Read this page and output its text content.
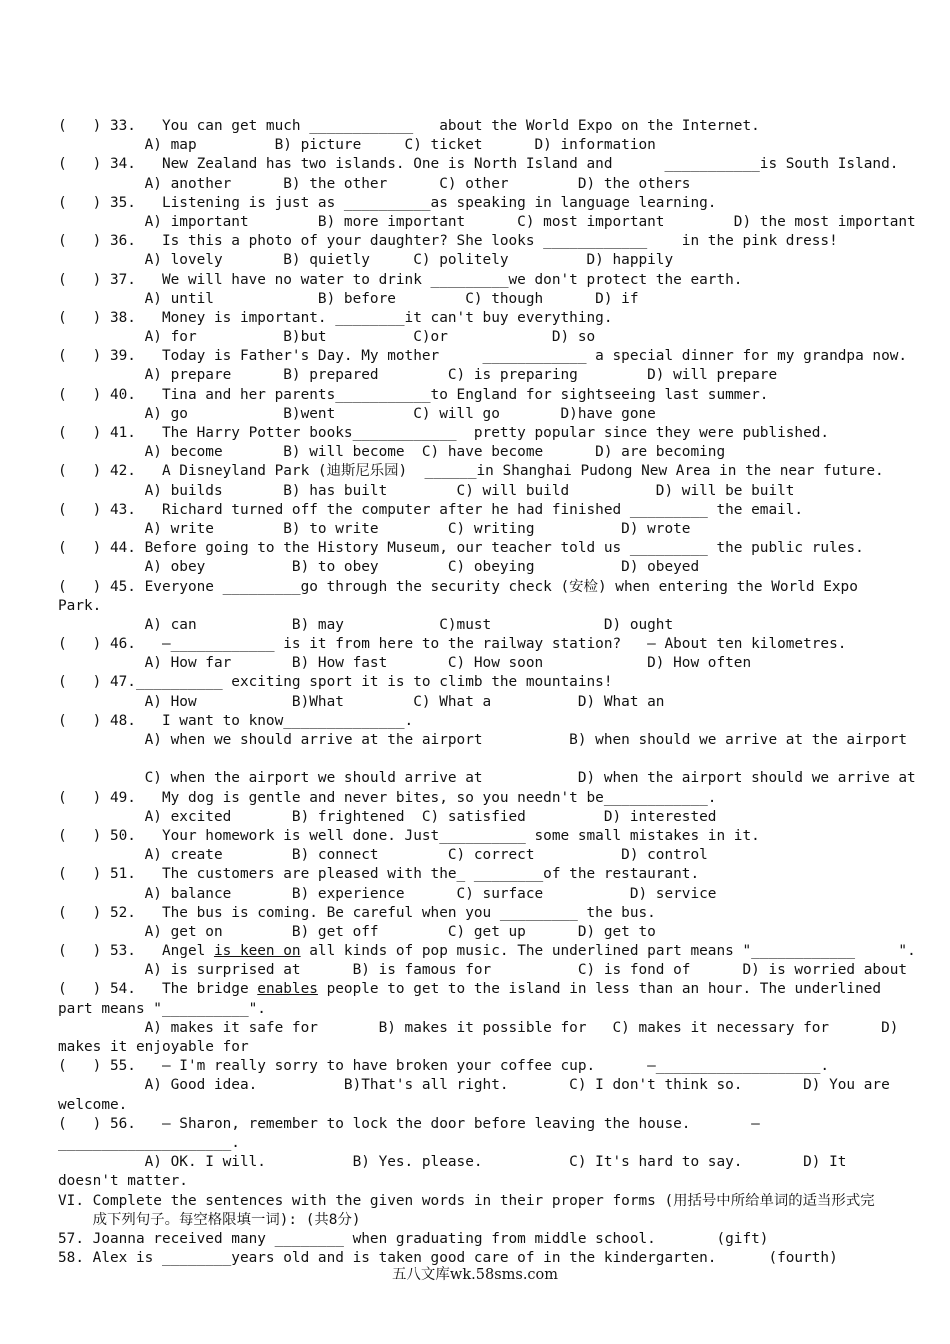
(   ) 33.   You can get much ____________   about the World Expo on the Internet.
A) map         B) picture     C) ticket      D) information
(   ) 34.   New Zealand has two islands. One is North Island and      ___________is South Island.
A) another      B) the other      C) other        D) the others
(   ) 35.   Listening is just as __________as speaking in language learning.
A) important        B) more important      C) most important        D) the most important
(   ) 36.   Is this a photo of your daughter? She looks ____________    in the pink dress!
A) lovely       B) quietly     C) politely         D) happily
(   ) 37.   We will have no water to drink _________we don't protect the earth.
A) until            B) before        C) though      D) if
(   ) 38.   Money is important. ________it can't buy everything.
A) for          B)but          C)or            D) so
(   ) 39.   Today is Father's Day. My mother     ____________ a special dinner for my grandpa now.
A) prepare      B) prepared        C) is preparing        D) will prepare
(   ) 40.   Tina and her parents___________to England for sightseeing last summer.
A) go           B)went         C) will go       D)have gone
(   ) 41.   The Harry Potter books____________  pretty popular since they were published.
A) become       B) will become  C) have become      D) are becoming
(   ) 42.   A Disneyland Park (迪斯尼乐园)  ______in Shanghai Pudong New Area in the near future.
A) builds       B) has built        C) will build          D) will be built
(   ) 43.   Richard turned off the computer after he had finished _________ the email.
A) write        B) to write        C) writing          D) wrote
(   ) 44. Before going to the History Museum, our teacher told us _________ the public rules.
A) obey          B) to obey        C) obeying          D) obeyed
(   ) 45. Everyone _________go through the security check (安检) when entering the World Expo
Park.
A) can           B) may           C)must             D) ought
(   ) 46.   —____________ is it from here to the railway station?   — About ten kilometres.
A) How far       B) How fast       C) How soon            D) How often
(   ) 47.__________ exciting sport it is to climb the mountains!
A) How           B)What        C) What a          D) What an
(   ) 48.   I want to know______________.
A) when we should arrive at the airport          B) when should we arrive at the airport
C) when the airport we should arrive at           D) when the airport should we arrive at
(   ) 49.   My dog is gentle and never bites, so you needn't be____________.
A) excited       B) frightened  C) satisfied         D) interested
(   ) 50.   Your homework is well done. Just__________ some small mistakes in it.
A) create        B) connect        C) correct          D) control
(   ) 51.   The customers are pleased with the_ ________of the restaurant.
A) balance       B) experience      C) surface          D) service
(   ) 52.   The bus is coming. Be careful when you _________ the bus.
A) get on        B) get off        C) get up      D) get to
(   ) 53.   Angel is keen on all kinds of pop music. The underlined part means "____________     ".
A) is surprised at      B) is famous for          C) is fond of      D) is worried about
(   ) 54.   The bridge enables people to get to the island in less than an hour. The underlined
part means "__________".
A) makes it safe for       B) makes it possible for   C) makes it necessary for      D)
makes it enjoyable for
(   ) 55.   — I'm really sorry to have broken your coffee cup.      —___________________.
A) Good idea.          B)That's all right.       C) I don't think so.       D) You are
welcome.
(   ) 56.   — Sharon, remember to lock the door before leaving the house.       —
____________________.
A) OK. I will.          B) Yes. please.          C) It's hard to say.       D) It
doesn't matter.
VI. Complete the sentences with the given words in their proper forms (用括号中所给单词的适当形式完
成下列句子。每空格限填一词): (共8分)
57. Joanna received many ________ when graduating from middle school.       (gift)
58. Alex is ________years old and is taken good care of in the kindergarten.      (fourth)
五八文库wk.58sms.com
